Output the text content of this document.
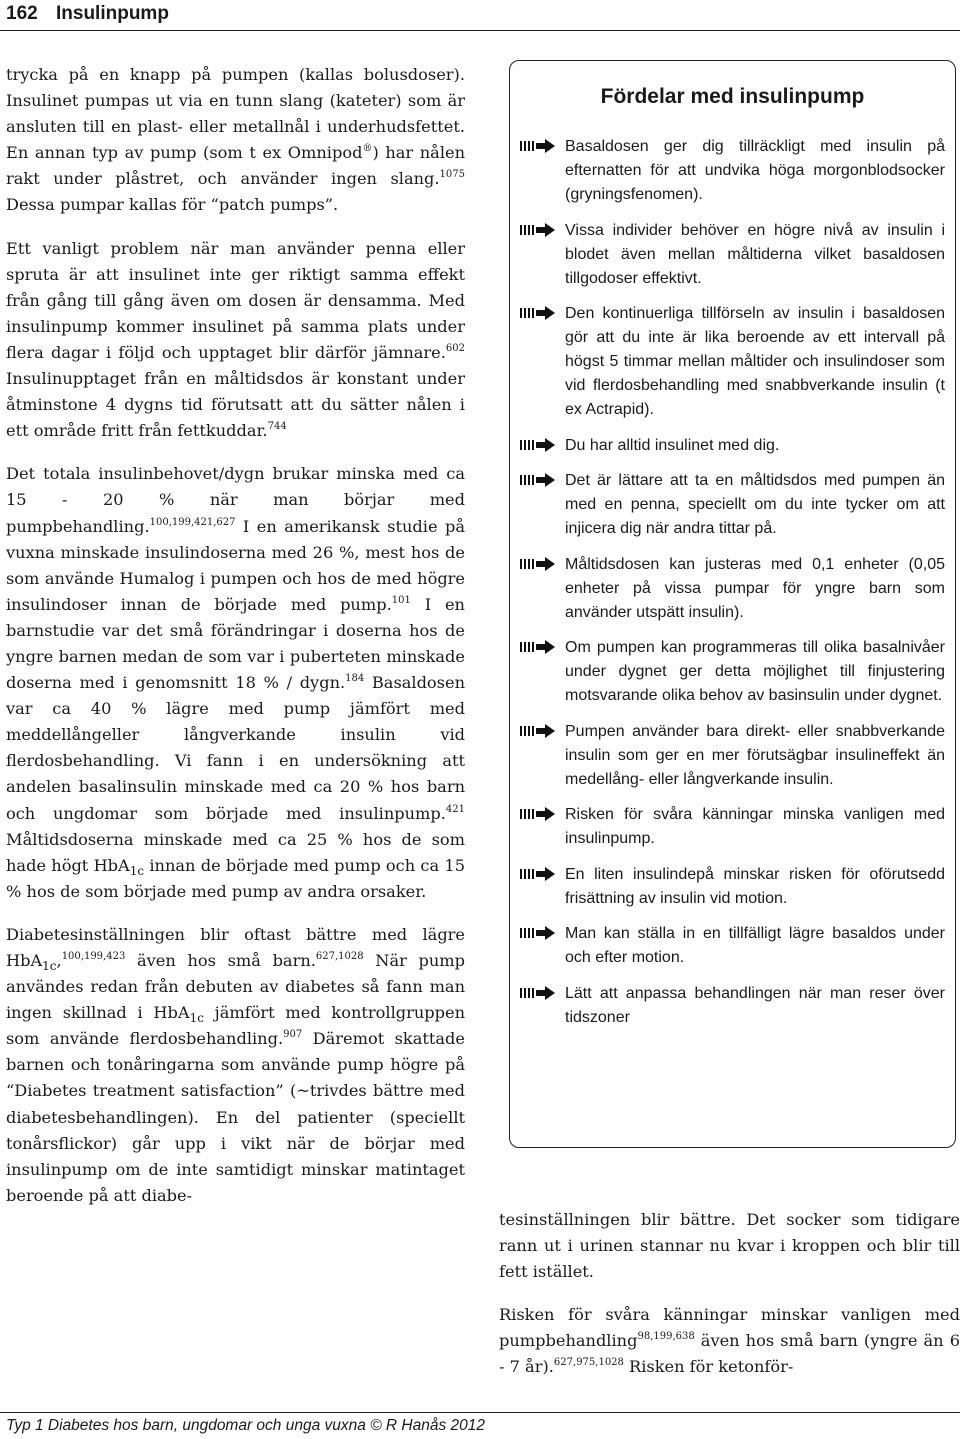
162 Insulinpump

trycka på en knapp på pumpen (kallas bolusdoser). Insulinet pumpas ut via en tunn slang (kateter) som är ansluten till en plast- eller metallnål i underhudsfettet. En annan typ av pump (som t ex Omnipod®) har nålen rakt under plåstret, och använder ingen slang.$^{1075}$ Dessa pumpar kallas för “patch pumps”.

Ett vanligt problem när man använder penna eller spruta är att insulinet inte ger riktigt samma effekt från gång till gång även om dosen är densamma. Med insulinpump kommer insulinet på samma plats under flera dagar i följd och upptaget blir därför jämnare.$^{602}$ Insulinupptaget från en måltidsdos är konstant under åtminstone 4 dygns tid förutsatt att du sätter nålen i ett område fritt från fettkuddar.$^{744}$

Det totala insulinbehovet/dygn brukar minska med ca 15 - 20 % när man börjar med pumpbehandling.$^{100,199,421,627}$ I en amerikansk studie på vuxna minskade insulindoserna med 26 %, mest hos de som använde Humalog i pumpen och hos de med högre insulindoser innan de började med pump.$^{101}$ I en barnstudie var det små förändringar i doserna hos de yngre barnen medan de som var i puberteten minskade doserna med i genomsnitt 18 % / dygn.$^{184}$ Basaldosen var ca 40 % lägre med pump jämfört med meddellångeller långverkande insulin vid flerdosbehandling. Vi fann i en undersökning att andelen basalinsulin minskade med ca 20 % hos barn och ungdomar som började med insulinpump.$^{421}$ Måltidsdoserna minskade med ca 25 % hos de som hade högt HbA$_{1c}$ innan de började med pump och ca 15 % hos de som började med pump av andra orsaker.

Diabetesinställningen blir oftast bättre med lägre HbA$_{1c}$,$^{100,199,423}$ även hos små barn.$^{627,1028}$ När pump användes redan från debuten av diabetes så fann man ingen skillnad i HbA$_{1c}$ jämfört med kontrollgruppen som använde flerdosbehandling.$^{907}$ Däremot skattade barnen och tonåringarna som använde pump högre på “Diabetes treatment satisfaction” (~trivdes bättre med diabetesbehandlingen). En del patienter (speciellt tonårsflickor) går upp i vikt när de börjar med insulinpump om de inte samtidigt minskar matintaget beroende på att diabe-

Fördelar med insulinpump
Basaldosen ger dig tillräckligt med insulin på efternatten för att undvika höga morgonblodsocker (gryningsfenomen).
Vissa individer behöver en högre nivå av insulin i blodet även mellan måltiderna vilket basaldosen tillgodoser effektivt.
Den kontinuerliga tillförseln av insulin i basaldosen gör att du inte är lika beroende av ett intervall på högst 5 timmar mellan måltider och insulindoser som vid flerdosbehandling med snabbverkande insulin (t ex Actrapid).
Du har alltid insulinet med dig.
Det är lättare att ta en måltidsdos med pumpen än med en penna, speciellt om du inte tycker om att injicera dig när andra tittar på.
Måltidsdosen kan justeras med 0,1 enheter (0,05 enheter på vissa pumpar för yngre barn som använder utspätt insulin).
Om pumpen kan programmeras till olika basalnivåer under dygnet ger detta möjlighet till finjustering motsvarande olika behov av basinsulin under dygnet.
Pumpen använder bara direkt- eller snabbverkande insulin som ger en mer förutsägbar insulineffekt än medellång- eller långverkande insulin.
Risken för svåra känningar minska vanligen med insulinpump.
En liten insulindepå minskar risken för oförutsedd frisättning av insulin vid motion.
Man kan ställa in en tillfälligt lägre basaldos under och efter motion.
Lätt att anpassa behandlingen när man reser över tidszoner

tesinställningen blir bättre. Det socker som tidigare rann ut i urinen stannar nu kvar i kroppen och blir till fett istället.

Risken för svåra känningar minskar vanligen med pumpbehandling$^{98,199,638}$ även hos små barn (yngre än 6 - 7 år).$^{627,975,1028}$ Risken för ketonför-

Typ 1 Diabetes hos barn, ungdomar och unga vuxna © R Hanås 2012
